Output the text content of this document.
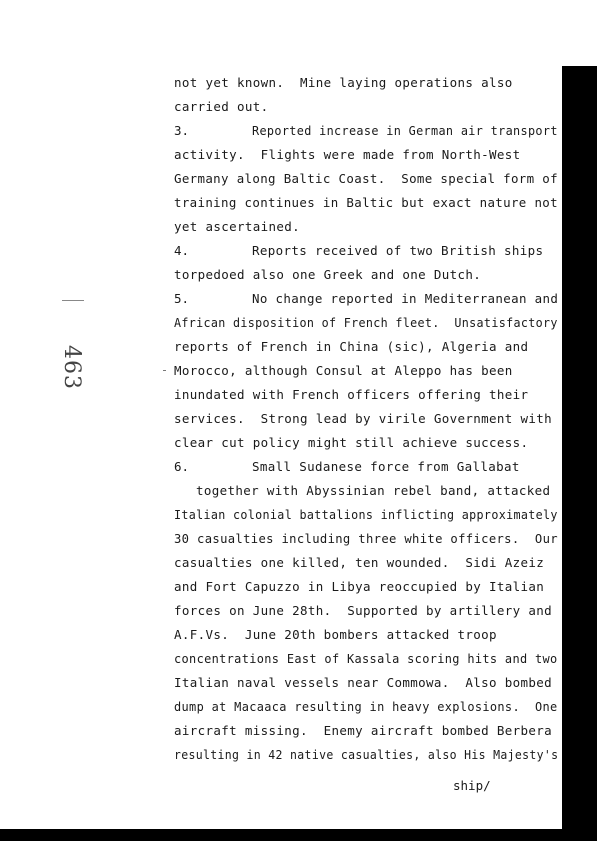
463
not yet known.  Mine laying operations also
carried out.
3.	Reported increase in German air transport
activity.  Flights were made from North-West
Germany along Baltic Coast.  Some special form of
training continues in Baltic but exact nature not
yet ascertained.
4.	Reports received of two British ships
torpedoed also one Greek and one Dutch.
5.	No change reported in Mediterranean and
African disposition of French fleet.  Unsatisfactory
reports of French in China (sic), Algeria and
Morocco, although Consul at Aleppo has been
inundated with French officers offering their
services.  Strong lead by virile Government with
clear cut policy might still achieve success.
6.	Small Sudanese force from Gallabat
together with Abyssinian rebel band, attacked
Italian colonial battalions inflicting approximately
30 casualties including three white officers.  Our
casualties one killed, ten wounded.  Sidi Azeiz
and Fort Capuzzo in Libya reoccupied by Italian
forces on June 28th.  Supported by artillery and
A.F.Vs.  June 20th bombers attacked troop
concentrations East of Kassala scoring hits and two
Italian naval vessels near Commowa.  Also bombed
dump at Macaaca resulting in heavy explosions.  One
aircraft missing.  Enemy aircraft bombed Berbera
resulting in 42 native casualties, also His Majesty's
ship/
